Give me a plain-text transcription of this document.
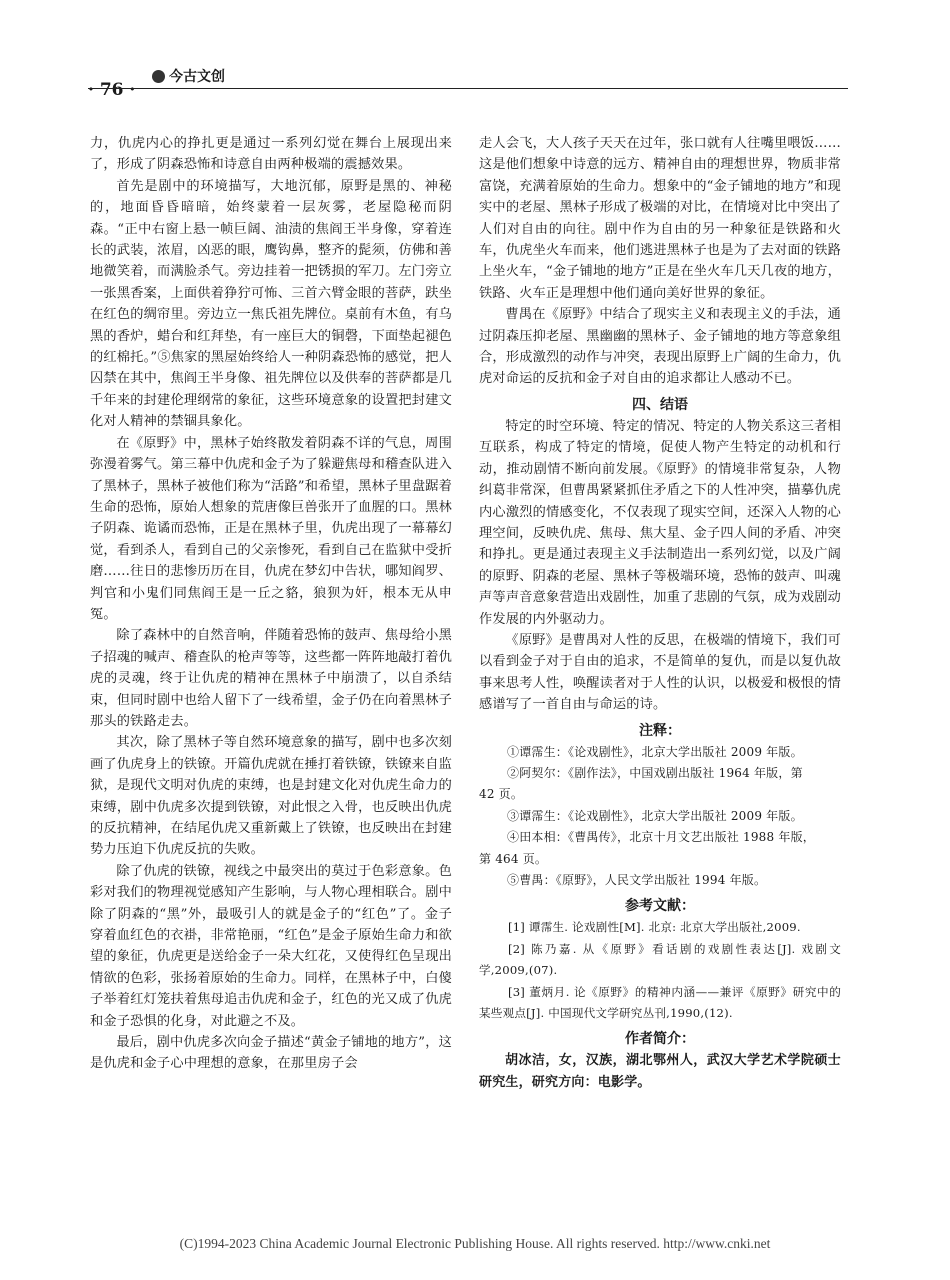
· 76 ·
今古文创

力，仇虎内心的挣扎更是通过一系列幻觉在舞台上展现出来了，形成了阴森恐怖和诗意自由两种极端的震撼效果。

首先是剧中的环境描写，大地沉郁，原野是黑的、神秘的，地面昏昏暗暗，始终蒙着一层灰雾，老屋隐秘而阴森。“正中右窗上悬一帧巨阔、油渍的焦阎王半身像，穿着连长的武装，浓眉，凶恶的眼，鹰钩鼻，整齐的髭须，仿佛和善地微笑着，而满脸杀气。旁边挂着一把锈损的军刀。左门旁立一张黑香案，上面供着狰狞可怖、三首六臂金眼的菩萨，趺坐在红色的绸帘里。旁边立一焦氏祖先牌位。桌前有木鱼，有乌黑的香炉，蜡台和红拜垫，有一座巨大的铜磬，下面垫起褪色的红棉托。”⑤焦家的黑屋始终给人一种阴森恐怖的感觉，把人囚禁在其中，焦阎王半身像、祖先牌位以及供奉的菩萨都是几千年来的封建伦理纲常的象征，这些环境意象的设置把封建文化对人精神的禁锢具象化。

在《原野》中，黑林子始终散发着阴森不详的气息，周围弥漫着雾气。第三幕中仇虎和金子为了躲避焦母和稽查队进入了黑林子，黑林子被他们称为“活路”和希望，黑林子里盘踞着生命的恐怖，原始人想象的荒唐像巨兽张开了血腥的口。黑林子阴森、诡谲而恐怖，正是在黑林子里，仇虎出现了一幕幕幻觉，看到杀人，看到自己的父亲惨死，看到自己在监狱中受折磨……往日的悲惨历历在目，仇虎在梦幻中告状，哪知阎罗、判官和小鬼们同焦阎王是一丘之貉，狼狈为奸，根本无从申冤。

除了森林中的自然音响，伴随着恐怖的鼓声、焦母给小黑子招魂的喊声、稽查队的枪声等等，这些都一阵阵地敲打着仇虎的灵魂，终于让仇虎的精神在黑林子中崩溃了，以自杀结束，但同时剧中也给人留下了一线希望，金子仍在向着黑林子那头的铁路走去。

其次，除了黑林子等自然环境意象的描写，剧中也多次刻画了仇虎身上的铁镣。开篇仇虎就在捶打着铁镣，铁镣来自监狱，是现代文明对仇虎的束缚，也是封建文化对仇虎生命力的束缚，剧中仇虎多次提到铁镣，对此恨之入骨，也反映出仇虎的反抗精神，在结尾仇虎又重新戴上了铁镣，也反映出在封建势力压迫下仇虎反抗的失败。

除了仇虎的铁镣，视线之中最突出的莫过于色彩意象。色彩对我们的物理视觉感知产生影响，与人物心理相联合。剧中除了阴森的“黑”外，最吸引人的就是金子的“红色”了。金子穿着血红色的衣褂，非常艳丽，“红色”是金子原始生命力和欲望的象征，仇虎更是送给金子一朵大红花，又使得红色呈现出情欲的色彩，张扬着原始的生命力。同样，在黑林子中，白傻子举着红灯笼扶着焦母追击仇虎和金子，红色的光又成了仇虎和金子恐惧的化身，对此避之不及。

最后，剧中仇虎多次向金子描述“黄金子铺地的地方”，这是仇虎和金子心中理想的意象，在那里房子会

走人会飞，大人孩子天天在过年，张口就有人往嘴里喂饭……这是他们想象中诗意的远方、精神自由的理想世界，物质非常富饶，充满着原始的生命力。想象中的“金子铺地的地方”和现实中的老屋、黑林子形成了极端的对比，在情境对比中突出了人们对自由的向往。剧中作为自由的另一种象征是铁路和火车，仇虎坐火车而来，他们逃进黑林子也是为了去对面的铁路上坐火车，“金子铺地的地方”正是在坐火车几天几夜的地方，铁路、火车正是理想中他们通向美好世界的象征。

曹禺在《原野》中结合了现实主义和表现主义的手法，通过阴森压抑老屋、黑幽幽的黑林子、金子铺地的地方等意象组合，形成激烈的动作与冲突，表现出原野上广阔的生命力，仇虎对命运的反抗和金子对自由的追求都让人感动不已。

四、结语

特定的时空环境、特定的情况、特定的人物关系这三者相互联系，构成了特定的情境，促使人物产生特定的动机和行动，推动剧情不断向前发展。《原野》的情境非常复杂，人物纠葛非常深，但曹禺紧紧抓住矛盾之下的人性冲突，描摹仇虎内心激烈的情感变化，不仅表现了现实空间，还深入人物的心理空间，反映仇虎、焦母、焦大星、金子四人间的矛盾、冲突和挣扎。更是通过表现主义手法制造出一系列幻觉，以及广阔的原野、阴森的老屋、黑林子等极端环境，恐怖的鼓声、叫魂声等声音意象营造出戏剧性，加重了悲剧的气氛，成为戏剧动作发展的内外驱动力。

《原野》是曹禺对人性的反思，在极端的情境下，我们可以看到金子对于自由的追求，不是简单的复仇，而是以复仇故事来思考人性，唤醒读者对于人性的认识，以极爱和极恨的情感谱写了一首自由与命运的诗。

注释：

①谭霈生：《论戏剧性》，北京大学出版社 2009 年版。

②阿契尔：《剧作法》，中国戏剧出版社 1964 年版，第

42 页。

③谭霈生：《论戏剧性》，北京大学出版社 2009 年版。

④田本相：《曹禺传》，北京十月文艺出版社 1988 年版，

第 464 页。

⑤曹禺：《原野》，人民文学出版社 1994 年版。

参考文献：

[1] 谭霈生. 论戏剧性[M]. 北京: 北京大学出版社,2009.

[2] 陈乃嘉. 从《原野》看话剧的戏剧性表达[J]. 戏剧文学,2009,(07).

[3] 董炳月. 论《原野》的精神内涵——兼评《原野》研究中的某些观点[J]. 中国现代文学研究丛刊,1990,(12).

作者简介：

胡冰洁，女，汉族，湖北鄂州人，武汉大学艺术学院硕士研究生，研究方向：电影学。

(C)1994-2023 China Academic Journal Electronic Publishing House. All rights reserved. http://www.cnki.net
